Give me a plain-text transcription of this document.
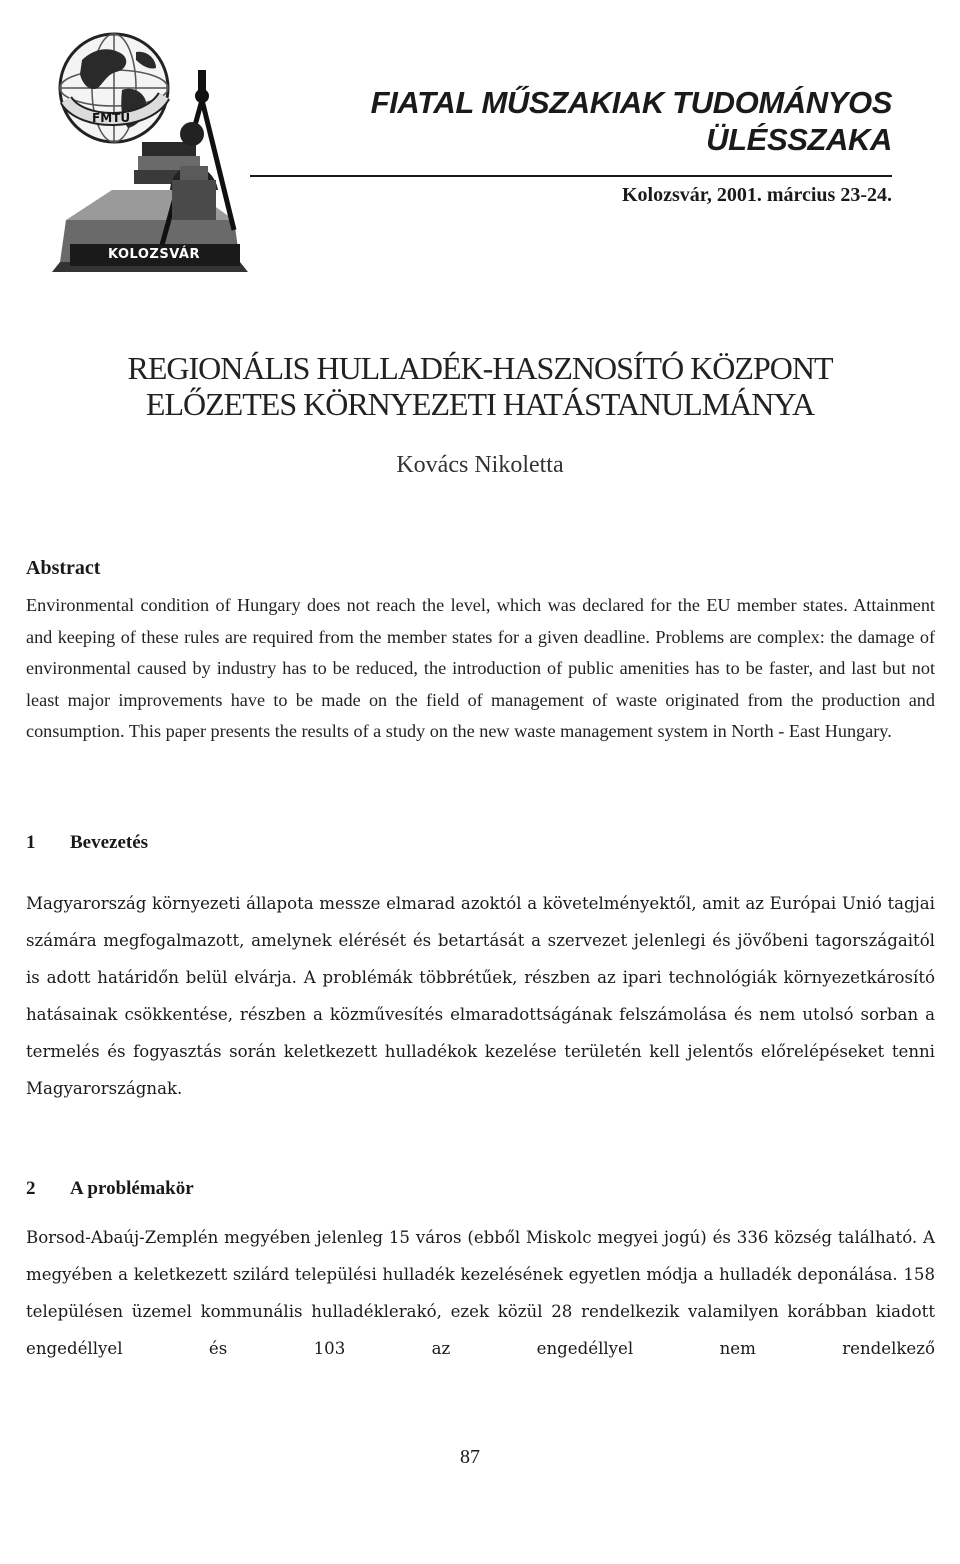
FMTU
KOLOZSVÁR
FIATAL MŰSZAKIAK TUDOMÁNYOS
ÜLÉSSZAKA
Kolozsvár, 2001. március 23-24.
REGIONÁLIS HULLADÉK-HASZNOSÍTÓ KÖZPONT
ELŐZETES KÖRNYEZETI HATÁSTANULMÁNYA
Kovács Nikoletta
Abstract
Environmental condition of Hungary does not reach the level, which was declared for the EU member states. Attainment and keeping of these rules are required from the member states for a given deadline. Problems are complex: the damage of environmental caused by industry has to be reduced, the introduction of public amenities has to be faster, and last but not least major improvements have to be made on the field of management of waste originated from the production and consumption. This paper presents the results of a study on the new waste management system in North - East Hungary.
1 Bevezetés
Magyarország környezeti állapota messze elmarad azoktól a követelményektől, amit az Európai Unió tagjai számára megfogalmazott, amelynek elérését és betartását a szervezet jelenlegi és jövőbeni tagországaitól is adott határidőn belül elvárja. A problémák többrétűek, részben az ipari technológiák környezetkárosító hatásainak csökkentése, részben a közművesítés elmaradottságának felszámolása és nem utolsó sorban a termelés és fogyasztás során keletkezett hulladékok kezelése területén kell jelentős előrelépéseket tenni Magyarországnak.
2 A problémakör
Borsod-Abaúj-Zemplén megyében jelenleg 15 város (ebből Miskolc megyei jogú) és 336 község található. A megyében a keletkezett szilárd települési hulladék kezelésének egyetlen módja a hulladék deponálása. 158 településen üzemel kommunális hulladéklerakó, ezek közül 28 rendelkezik valamilyen korábban kiadott engedéllyel és 103 az engedéllyel nem rendelkező
87
